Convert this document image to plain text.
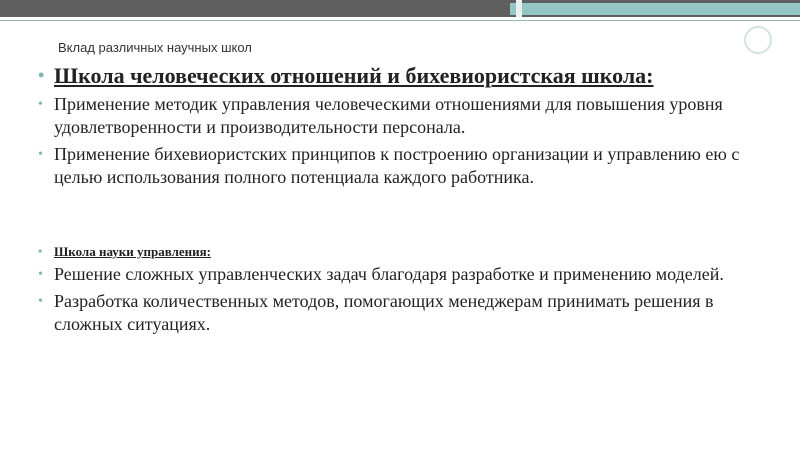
Вклад различных научных школ
• Школа человеческих отношений и бихевиористская школа:
• Применение методик управления человеческими отношениями для повышения уровня удовлетворенности и производительности персонала.
• Применение бихевиористских принципов к построению организации и управлению ею с целью использования полного потенциала каждого работника.
• Школа науки управления:
• Решение сложных управленческих задач благодаря разработке и применению моделей.
• Разработка количественных методов, помогающих менеджерам принимать решения в сложных ситуациях.
